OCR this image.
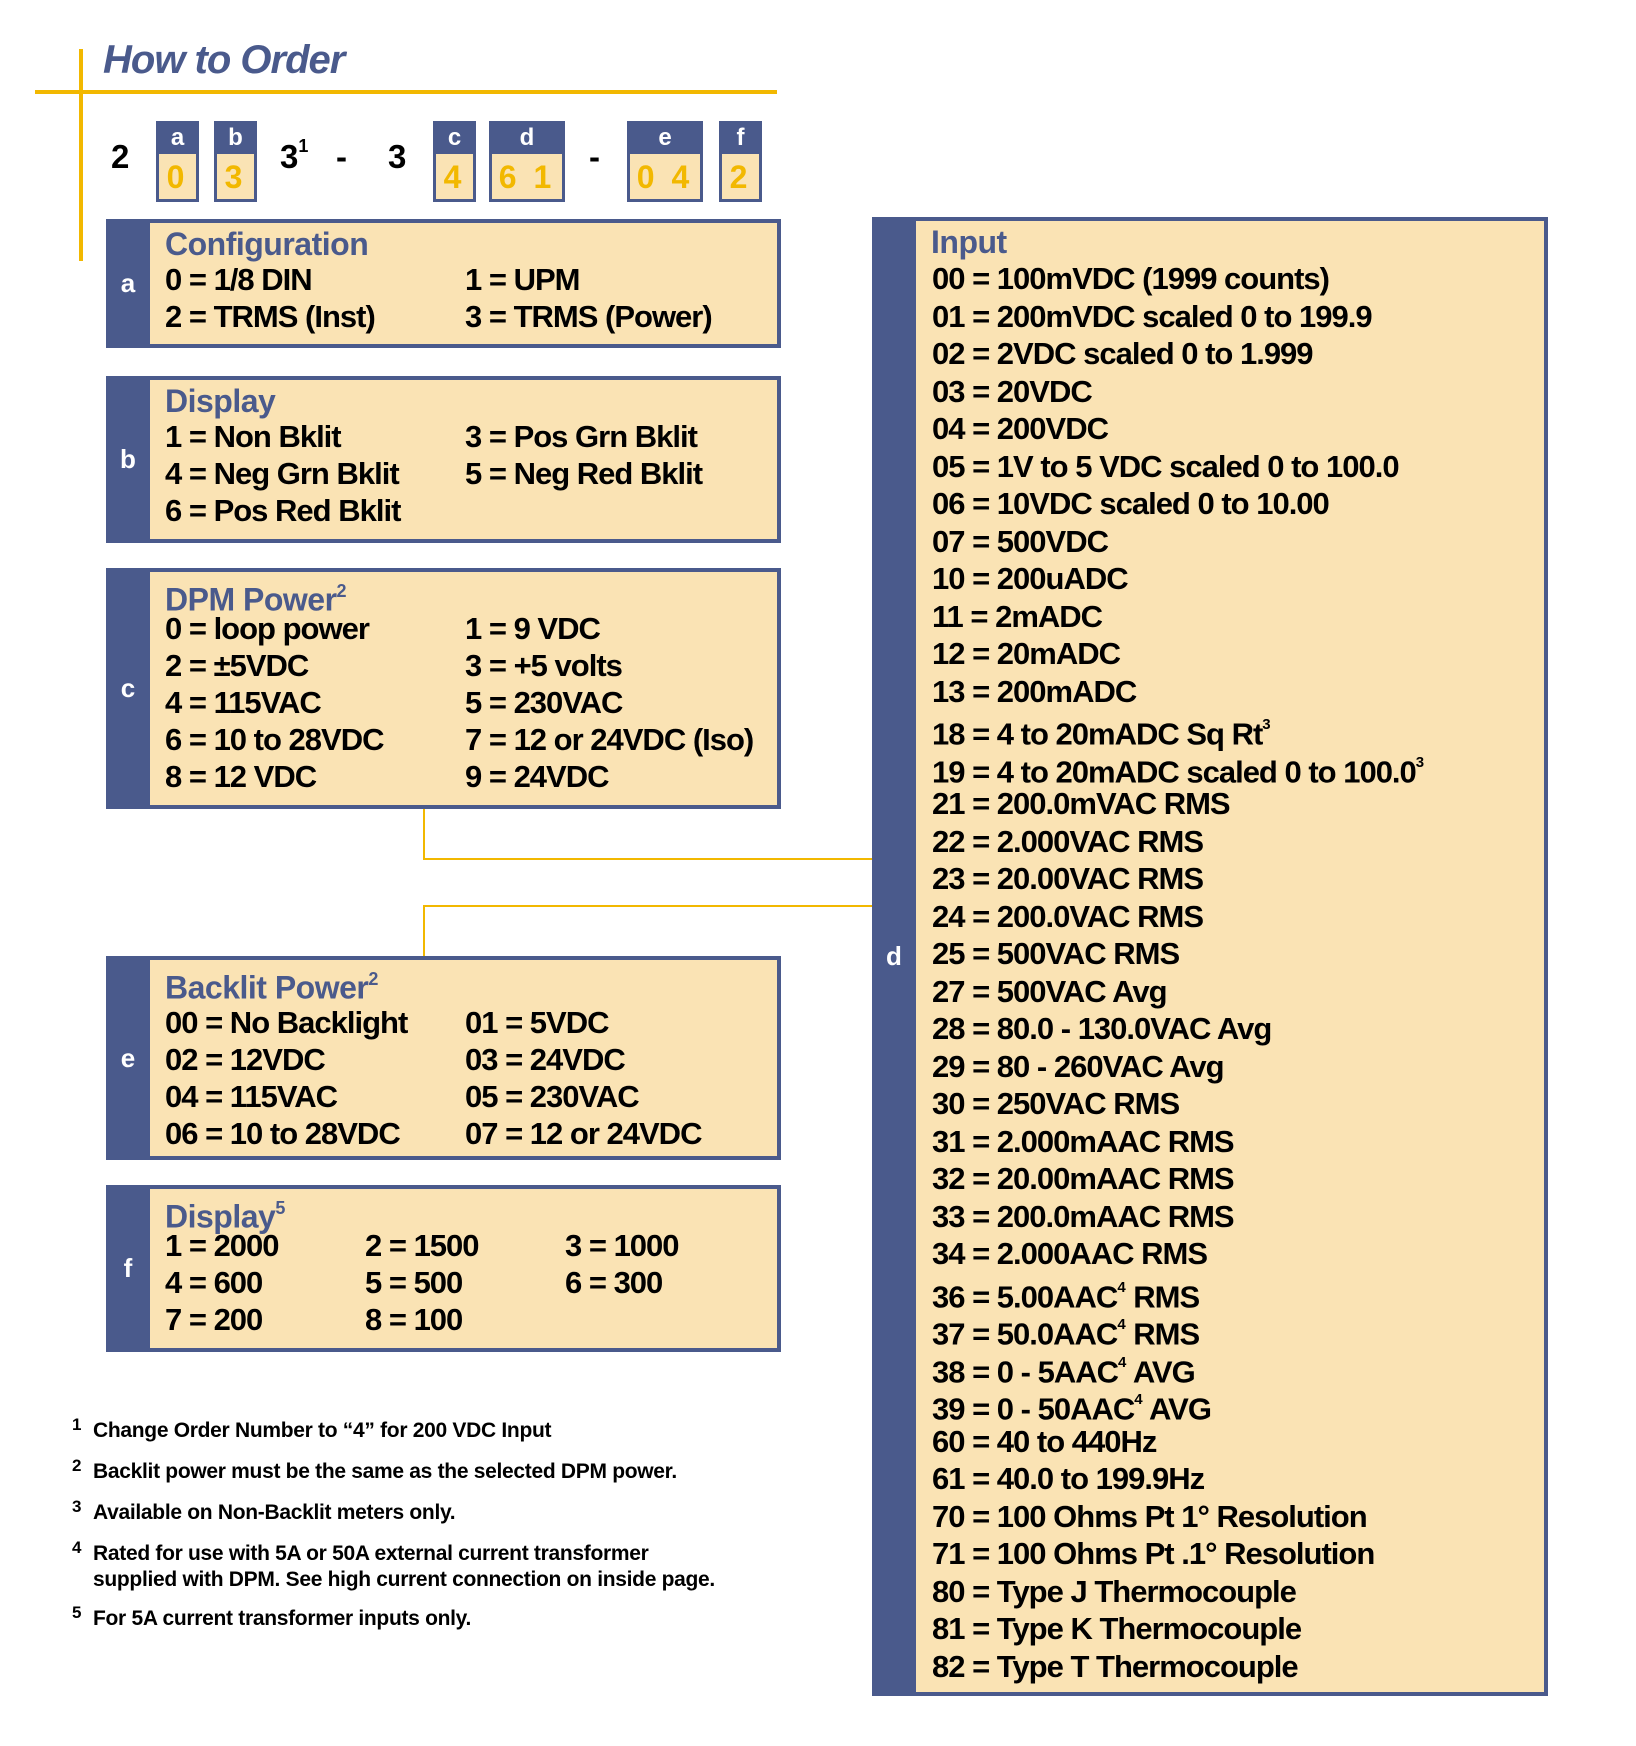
How to Order
2
a
0
b
3
$3^1 - 3$
c
4
d
6 1
-
e
0 4
f
2
a
Configuration
0 = 1/8 DIN	1 = UPM
2 = TRMS (Inst)	3 = TRMS (Power)
b
Display
1 = Non Bklit	3 = Pos Grn Bklit
4 = Neg Grn Bklit 5 = Neg Red Bklit
6 = Pos Red Bklit
c
DPM Power$^2$
0 = loop power	1 = 9 VDC
2 = ±5VDC	3 = +5 volts
4 = 115VAC	5 = 230VAC
6 = 10 to 28VDC	7 = 12 or 24VDC (Iso)
8 = 12 VDC	9 = 24VDC
e
Backlit Power$^2$
00 = No Backlight 01 = 5VDC
02 = 12VDC	03 = 24VDC
04 = 115VAC	05 = 230VAC
06 = 10 to 28VDC 07 = 12 or 24VDC
f
Display$^5$
1 = 2000	2 = 1500	3 = 1000
4 = 600	5 = 500	6 = 300
7 = 200	8 = 100
d
Input
00 = 100mVDC (1999 counts)
01 = 200mVDC scaled 0 to 199.9
02 = 2VDC scaled 0 to 1.999
03 = 20VDC
04 = 200VDC
05 = 1V to 5 VDC scaled 0 to 100.0
06 = 10VDC scaled 0 to 10.00
07 = 500VDC
10 = 200uADC
11 = 2mADC
12 = 20mADC
13 = 200mADC
18 = 4 to 20mADC Sq Rt$^3$
19 = 4 to 20mADC scaled 0 to 100.0$^3$
21 = 200.0mVAC RMS
22 = 2.000VAC RMS
23 = 20.00VAC RMS
24 = 200.0VAC RMS
25 = 500VAC RMS
27 = 500VAC Avg
28 = 80.0 - 130.0VAC Avg
29 = 80 - 260VAC Avg
30 = 250VAC RMS
31 = 2.000mAAC RMS
32 = 20.00mAAC RMS
33 = 200.0mAAC RMS
34 = 2.000AAC RMS
$36 = 5.00AAC^4$ RMS
$37 = 50.0AAC^4$ RMS
38 = 0 - 5AAC$^4$ AVG
39 = 0 - 50AAC$^4$ AVG
60 = 40 to 440Hz
61 = 40.0 to 199.9Hz
70 = 100 Ohms Pt 1° Resolution
71 = 100 Ohms Pt .1° Resolution
80 = Type J Thermocouple
81 = Type K Thermocouple
82 = Type T Thermocouple
1 Change Order Number to “4” for 200 VDC Input
2 Backlit power must be the same as the selected DPM power.
3 Available on Non-Backlit meters only.
4 Rated for use with 5A or 50A external current transformer
supplied with DPM. See high current connection on inside page.
5 For 5A current transformer inputs only.
